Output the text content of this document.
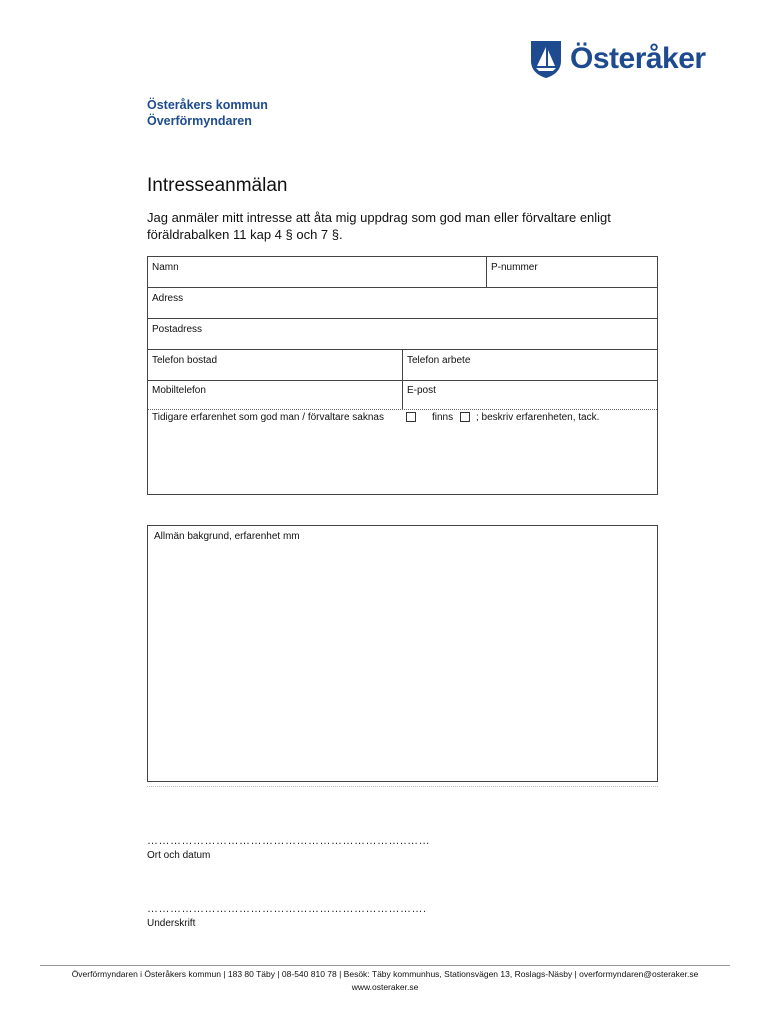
Österåker
Österåkers kommun
Överförmyndaren
Intresseanmälan
Jag anmäler mitt intresse att åta mig uppdrag som god man eller förvaltare enligt föräldrabalken 11 kap 4 § och 7 §.
Namn	P-nummer
Adress
Postadress
Telefon bostad	Telefon arbete
Mobiltelefon	E-post
Tidigare erfarenhet som god man / förvaltare saknas	finns ; beskriv erfarenheten, tack.
Allmän bakgrund, erfarenhet mm
…………………………………………………………..……
Ort och datum
……………………………………………………………….
Underskrift
Överförmyndaren i Österåkers kommun | 183 80 Täby | 08-540 810 78 | Besök: Täby kommunhus, Stationsvägen 13, Roslags-Näsby | overformyndaren@osteraker.se
www.osteraker.se
